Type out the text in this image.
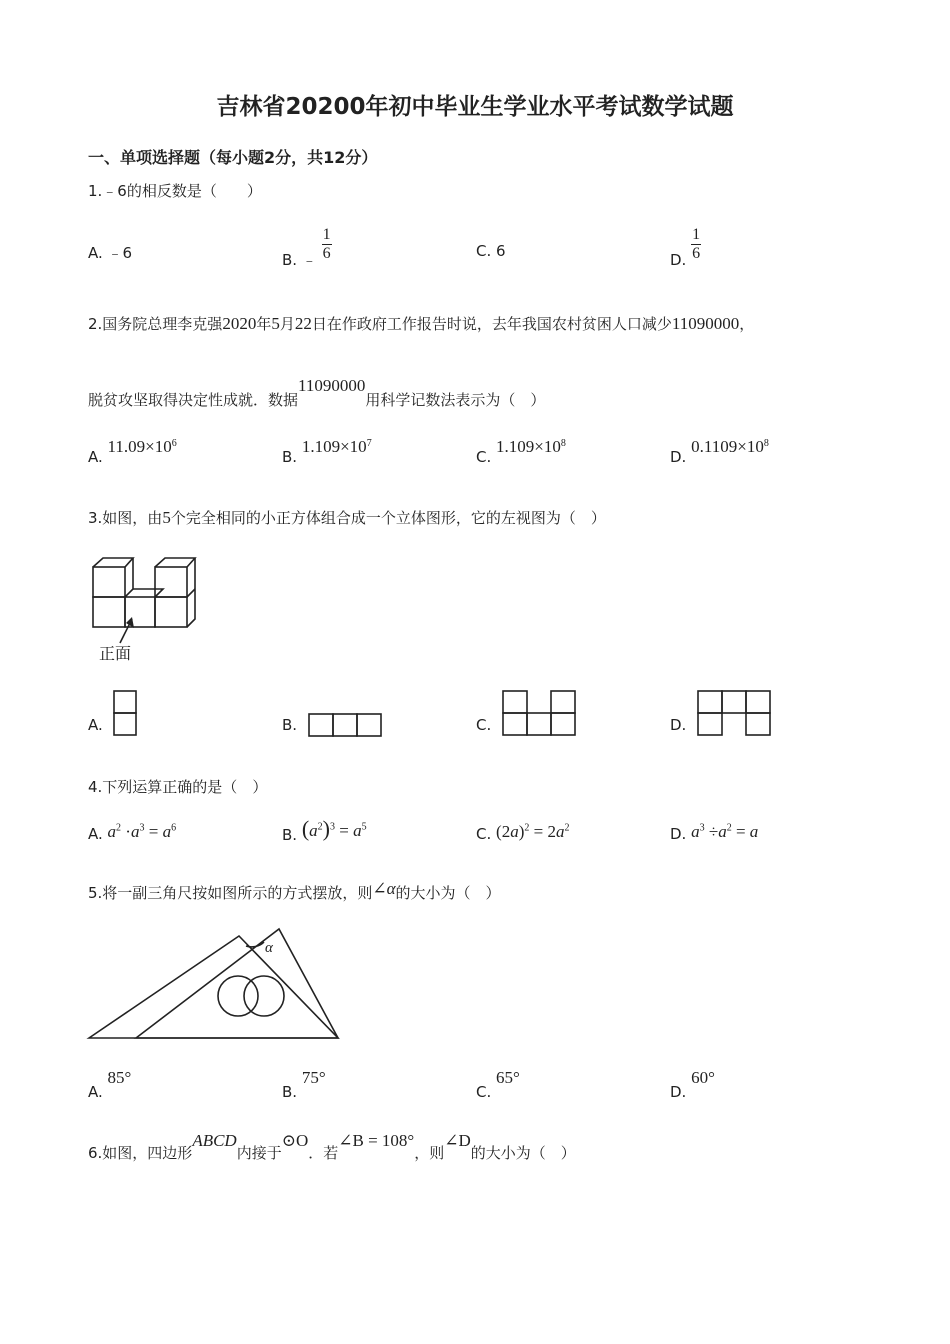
吉林省20200年初中毕业生学业水平考试数学试题
一、单项选择题（每小题2分，共12分）
1.﹣6的相反数是（　　）
A. ﹣6	B. ﹣ $\frac{1}{6}$	C. 6	D. $\frac{1}{6}$
2.国务院总理李克强2020年5月22日在作政府工作报告时说，去年我国农村贫困人口减少11090000，
脱贫攻坚取得决定性成就．数据11090000用科学记数法表示为（　）
A. $11.09\times 10^6$
B. $1.109\times 10^7$
C. $1.109\times 10^8$
D. $0.1109\times 10^8$
3.如图，由5个完全相同的小正方体组合成一个立体图形，它的左视图为（　）
正面
A.	B.	C.	D.
4.下列运算正确的是（　）
A. $a^2 \cdot a^3 = a^6$	B. $(a^2)^3 = a^5$	C. $(2a)^2 = 2a^2$	D. $a^3 \div a^2 = a$
5.将一副三角尺按如图所示的方式摆放，则∠α的大小为（　）
α
A. 85°
B. 75°
C. 65°
D. 60°
6.如图，四边形ABCD内接于⊙O．若∠B = 108°，则∠D的大小为（　）
